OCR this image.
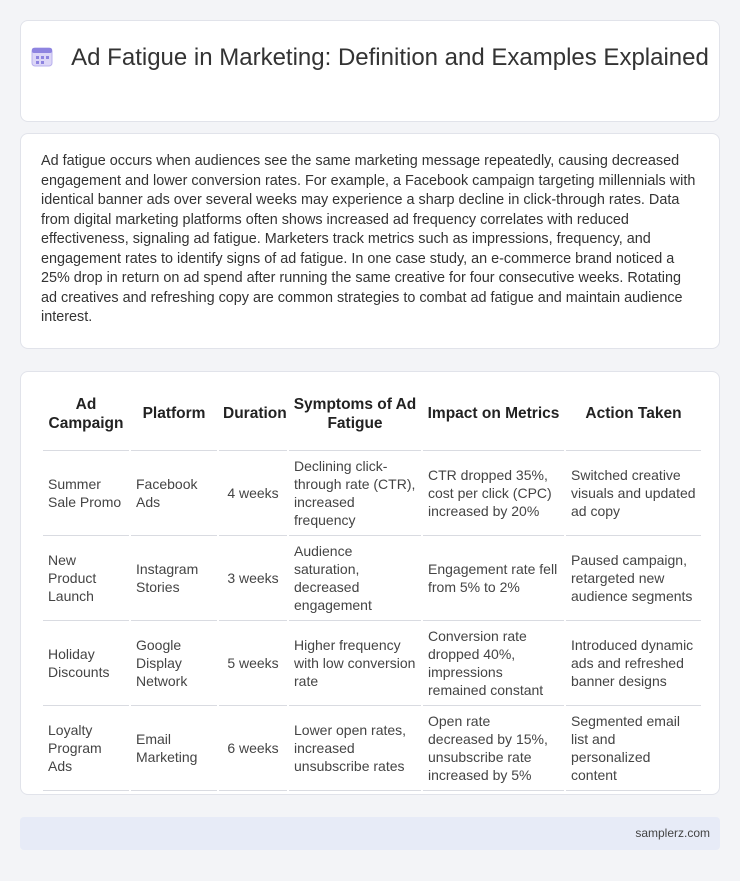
Ad Fatigue in Marketing: Definition and Examples Explained

Ad fatigue occurs when audiences see the same marketing message repeatedly, causing decreased engagement and lower conversion rates. For example, a Facebook campaign targeting millennials with identical banner ads over several weeks may experience a sharp decline in click-through rates. Data from digital marketing platforms often shows increased ad frequency correlates with reduced effectiveness, signaling ad fatigue. Marketers track metrics such as impressions, frequency, and engagement rates to identify signs of ad fatigue. In one case study, an e-commerce brand noticed a 25% drop in return on ad spend after running the same creative for four consecutive weeks. Rotating ad creatives and refreshing copy are common strategies to combat ad fatigue and maintain audience interest.

Ad Campaign	Platform	Duration	Symptoms of Ad Fatigue	Impact on Metrics	Action Taken
Summer Sale Promo	Facebook Ads	4 weeks	Declining click-through rate (CTR), increased frequency	CTR dropped 35%, cost per click (CPC) increased by 20%	Switched creative visuals and updated ad copy
New Product Launch	Instagram Stories	3 weeks	Audience saturation, decreased engagement	Engagement rate fell from 5% to 2%	Paused campaign, retargeted new audience segments
Holiday Discounts	Google Display Network	5 weeks	Higher frequency with low conversion rate	Conversion rate dropped 40%, impressions remained constant	Introduced dynamic ads and refreshed banner designs
Loyalty Program Ads	Email Marketing	6 weeks	Lower open rates, increased unsubscribe rates	Open rate decreased by 15%, unsubscribe rate increased by 5%	Segmented email list and personalized content
samplerz.com
